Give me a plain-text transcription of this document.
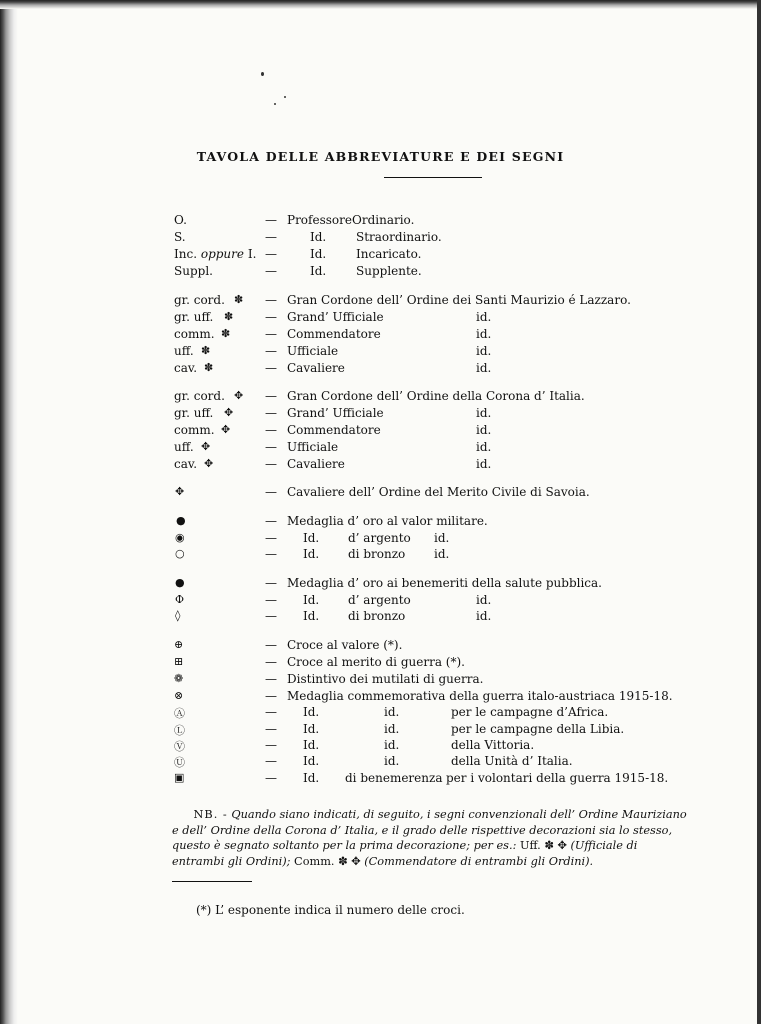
TAVOLA DELLE ABBREVIATURE E DEI SEGNI
O.	— Professore Ordinario.
S.	—	Id. Straordinario.
Inc. oppure I. —	Id. Incaricato.
Suppl.	—	Id. Supplente.
gr. cord. ✽ — Gran Cordone dell’ Ordine dei Santi Maurizio é Lazzaro.
gr. uff. ✽	— Grand’ Ufficiale	id.
comm. ✽	— Commendatore	id.
uff. ✽	— Ufficiale	id.
cav. ✽	— Cavaliere	id.
gr. cord. ✥ — Gran Cordone dell’ Ordine della Corona d’ Italia.
gr. uff. ✥	— Grand’ Ufficiale	id.
comm. ✥	— Commendatore	id.
uff. ✥	— Ufficiale	id.
cav. ✥	— Cavaliere	id.
✥	— Cavaliere dell’ Ordine del Merito Civile di Savoia.
●	— Medaglia d’ oro al valor militare.
◉	— Id. d’ argento id.
○	— Id. di bronzo id.
●	— Medaglia d’ oro ai benemeriti della salute pubblica.
Φ	— Id. d’ argento	id.
◊	— Id. di bronzo	id.
⊕	— Croce al valore (*).
⊞	— Croce al merito di guerra (*).
❁	— Distintivo dei mutilati di guerra.
⊗	— Medaglia commemorativa della guerra italo-austriaca 1915-18.
Ⓐ	— Id.	id.	per le campagne d’Africa.
Ⓛ	— Id.	id.	per le campagne della Libia.
Ⓥ	— Id.	id.	della Vittoria.
Ⓤ	— Id.	id.	della Unità d’ Italia.
▣	— Id. di benemerenza per i volontari della guerra 1915-18.
NB. - Quando siano indicati, di seguito, i segni convenzionali dell’ Ordine Mauriziano e dell’ Ordine della Corona d’ Italia, e il grado delle rispettive decorazioni sia lo stesso, questo è segnato soltanto per la prima decorazione; per es.: Uff. ✽ ✥ (Ufficiale di entrambi gli Ordini); Comm. ✽ ✥ (Commendatore di entrambi gli Ordini).
(*) L’ esponente indica il numero delle croci.
